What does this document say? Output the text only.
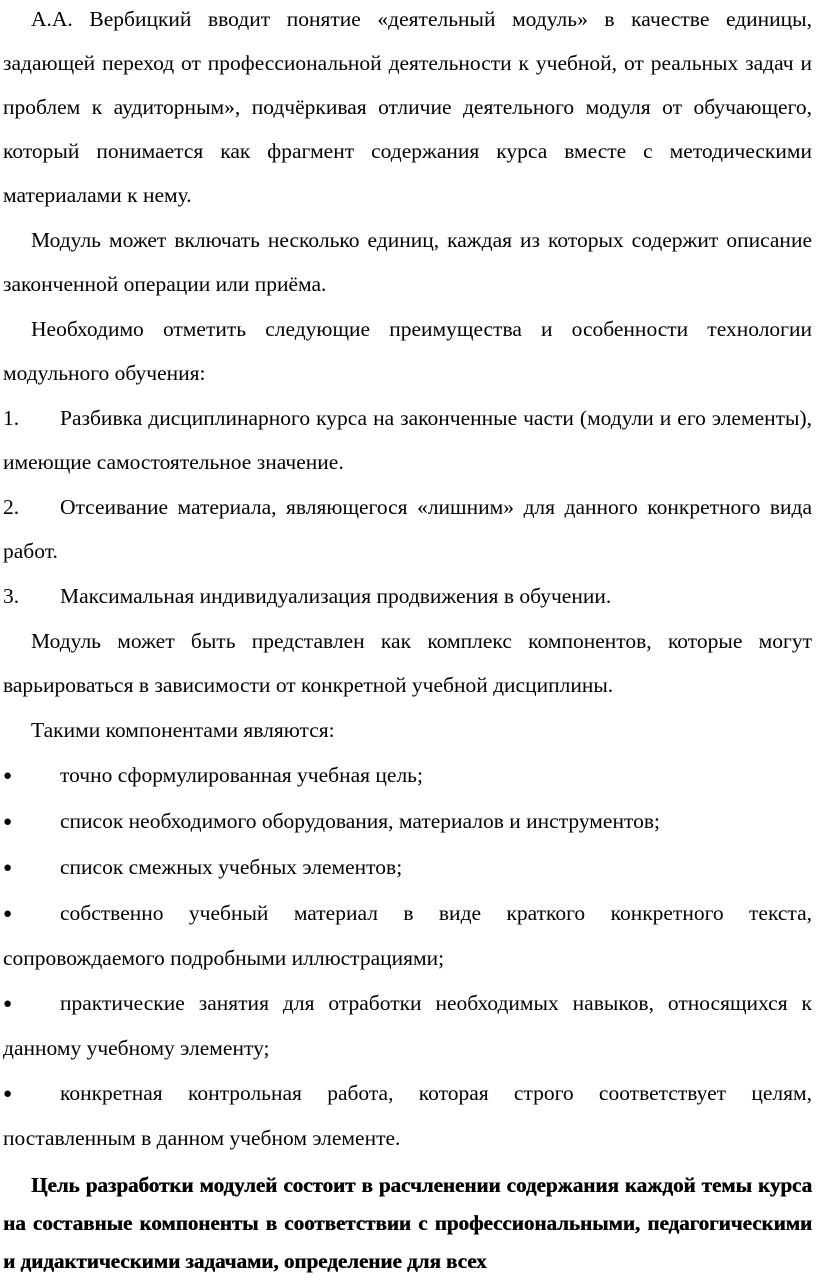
А.А. Вербицкий вводит понятие «деятельный модуль» в качестве единицы, задающей переход от профессиональной деятельности к учебной, от реальных задач и проблем к аудиторным», подчёркивая отличие деятельного модуля от обучающего, который понимается как фрагмент содержания курса вместе с методическими материалами к нему.

Модуль может включать несколько единиц, каждая из которых содержит описание законченной операции или приёма.

Необходимо отметить следующие преимущества и особенности технологии модульного обучения:

1. Разбивка дисциплинарного курса на законченные части (модули и его элементы), имеющие самостоятельное значение.

2. Отсеивание материала, являющегося «лишним» для данного конкретного вида работ.

3. Максимальная индивидуализация продвижения в обучении.

Модуль может быть представлен как комплекс компонентов, которые могут варьироваться в зависимости от конкретной учебной дисциплины.

Такими компонентами являются:

● точно сформулированная учебная цель;

● список необходимого оборудования, материалов и инструментов;

● список смежных учебных элементов;

● собственно учебный материал в виде краткого конкретного текста, сопровождаемого подробными иллюстрациями;

● практические занятия для отработки необходимых навыков, относящихся к данному учебному элементу;

● конкретная контрольная работа, которая строго соответствует целям, поставленным в данном учебном элементе.

Цель разработки модулей состоит в расчленении содержания каждой темы курса на составные компоненты в соответствии с профессиональными, педагогическими и дидактическими задачами, определение для всех
